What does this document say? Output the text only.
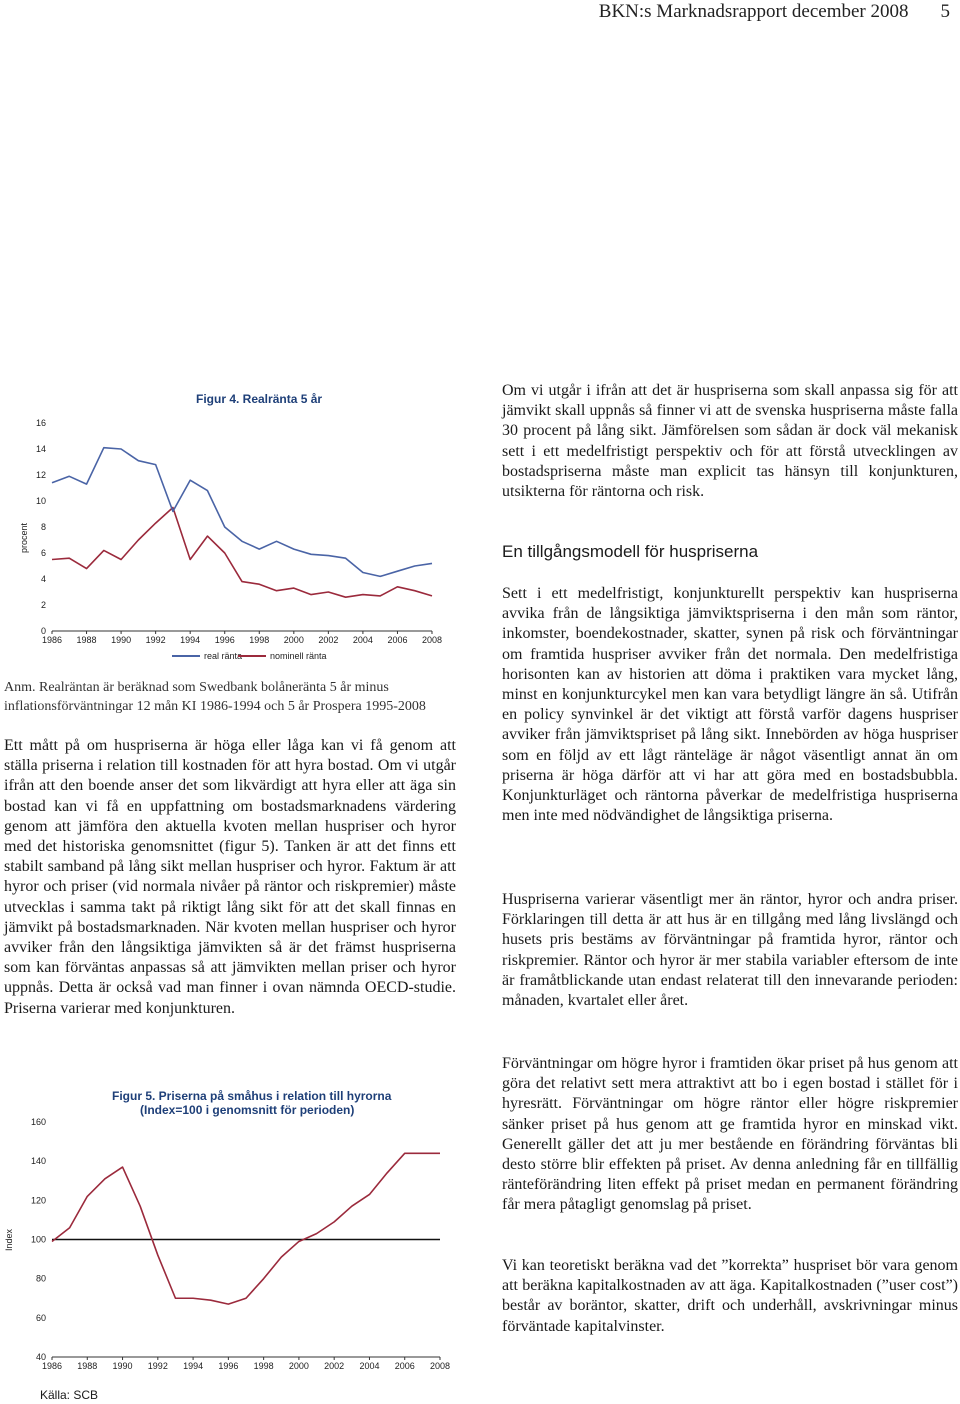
BKN:s Marknadsrapport december 2008 5
Figur 4. Realränta 5 år
procent
0
2
4
6
8
10
12
14
16
1986 1988 1990 1992 1994 1996 1998 2000 2002 2004 2006 2008
real ränta	nominell ränta
Anm. Realräntan är beräknad som Swedbank bolåneränta 5 år minus inflationsförväntningar 12 mån KI 1986-1994 och 5 år Prospera 1995-2008

Ett mått på om huspriserna är höga eller låga kan vi få genom att ställa priserna i relation till kostnaden för att hyra bostad. Om vi utgår ifrån att den boende anser det som likvärdigt att hyra eller att äga sin bostad kan vi få en uppfattning om bostadsmarknadens värdering genom att jämföra den aktuella kvoten mellan huspriser och hyror med det historiska genomsnittet (figur 5). Tanken är att det finns ett stabilt samband på lång sikt mellan huspriser och hyror. Faktum är att hyror och priser (vid normala nivåer på räntor och riskpremier) måste utvecklas i samma takt på riktigt lång sikt för att det skall finnas en jämvikt på bostadsmarknaden. När kvoten mellan huspriser och hyror avviker från den långsiktiga jämvikten så är det främst huspriserna som kan förväntas anpassas så att jämvikten mellan priser och hyror uppnås. Detta är också vad man finner i ovan nämnda OECD-studie. Priserna varierar med konjunkturen.

Figur 5. Priserna på småhus i relation till hyrorna
(Index=100 i genomsnitt för perioden)
Index
40
60
80
100
120
140
160
1986 1988 1990 1992 1994 1996 1998 2000 2002 2004 2006 2008
Källa: SCB

Om vi utgår i ifrån att det är huspriserna som skall anpassa sig för att jämvikt skall uppnås så finner vi att de svenska huspriserna måste falla 30 procent på lång sikt. Jämförelsen som sådan är dock väl mekanisk sett i ett medelfristigt perspektiv och för att förstå utvecklingen av bostadspriserna måste man explicit tas hänsyn till konjunkturen, utsikterna för räntorna och risk.

En tillgångsmodell för huspriserna

Sett i ett medelfristigt, konjunkturellt perspektiv kan huspriserna avvika från de långsiktiga jämviktspriserna i den mån som räntor, inkomster, boendekostnader, skatter, synen på risk och förväntningar om framtida huspriser avviker från det normala. Den medelfristiga horisonten kan av historien att döma i praktiken vara mycket lång, minst en konjunkturcykel men kan vara betydligt längre än så. Utifrån en policy synvinkel är det viktigt att förstå varför dagens huspriser avviker från jämviktspriset på lång sikt. Innebörden av höga huspriser som en följd av ett lågt ränteläge är något väsentligt annat än om priserna är höga därför att vi har att göra med en bostadsbubbla. Konjunkturläget och räntorna påverkar de medelfristiga huspriserna men inte med nödvändighet de långsiktiga priserna.

Huspriserna varierar väsentligt mer än räntor, hyror och andra priser. Förklaringen till detta är att hus är en tillgång med lång livslängd och husets pris bestäms av förväntningar på framtida hyror, räntor och riskpremier. Räntor och hyror är mer stabila variabler eftersom de inte är framåtblickande utan endast relaterat till den innevarande perioden: månaden, kvartalet eller året.

Förväntningar om högre hyror i framtiden ökar priset på hus genom att göra det relativt sett mera attraktivt att bo i egen bostad i stället för i hyresrätt. Förväntningar om högre räntor eller högre riskpremier sänker priset på hus genom att ge framtida hyror en minskad vikt. Generellt gäller det att ju mer bestående en förändring förväntas bli desto större blir effekten på priset. Av denna anledning får en tillfällig ränteförändring liten effekt på priset medan en permanent förändring får mera påtagligt genomslag på priset.

Vi kan teoretiskt beräkna vad det ”korrekta” huspriset bör vara genom att beräkna kapitalkostnaden av att äga. Kapitalkostnaden (”user cost”) består av boräntor, skatter, drift och underhåll, avskrivningar minus förväntade kapitalvinster.
